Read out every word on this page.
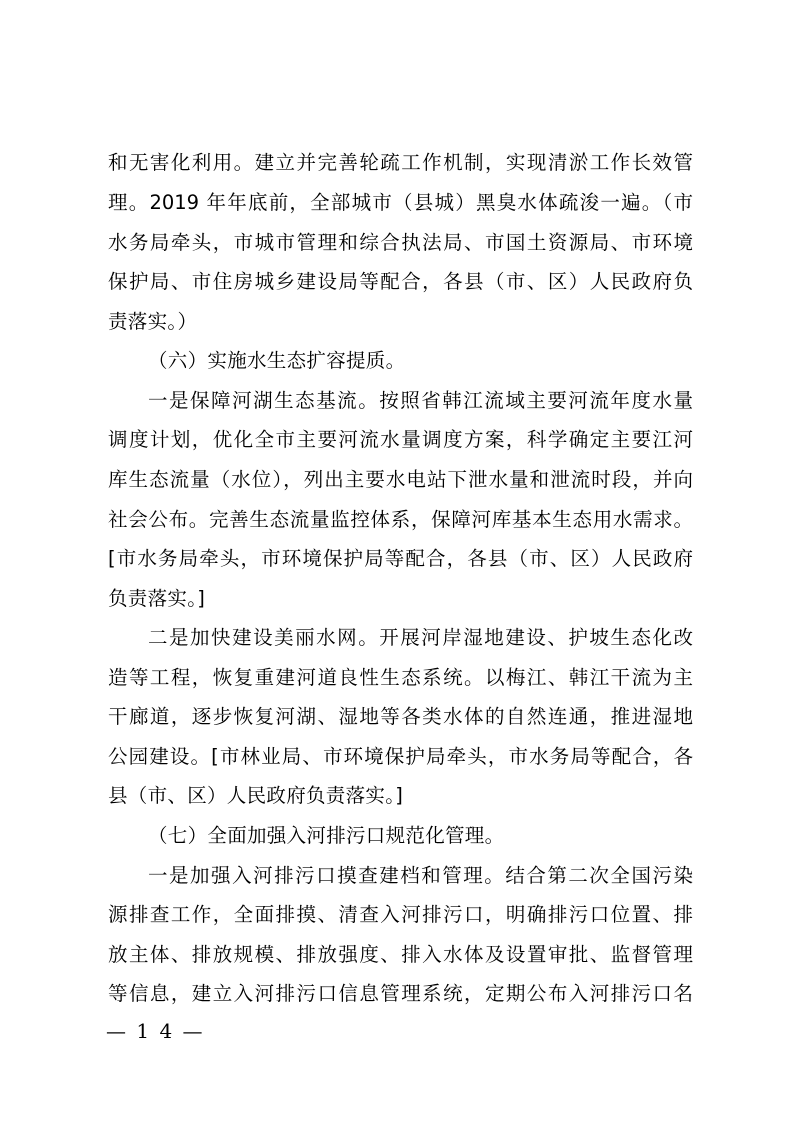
和无害化利用。建立并完善轮疏工作机制，实现清淤工作长效管
理。2019 年年底前，全部城市（县城）黑臭水体疏浚一遍。（市
水务局牵头，市城市管理和综合执法局、市国土资源局、市环境
保护局、市住房城乡建设局等配合，各县（市、区）人民政府负
责落实。）
（六）实施水生态扩容提质。
一是保障河湖生态基流。按照省韩江流域主要河流年度水量
调度计划，优化全市主要河流水量调度方案，科学确定主要江河
库生态流量（水位），列出主要水电站下泄水量和泄流时段，并向
社会公布。完善生态流量监控体系，保障河库基本生态用水需求。
[市水务局牵头，市环境保护局等配合，各县（市、区）人民政府
负责落实。]
二是加快建设美丽水网。开展河岸湿地建设、护坡生态化改
造等工程，恢复重建河道良性生态系统。以梅江、韩江干流为主
干廊道，逐步恢复河湖、湿地等各类水体的自然连通，推进湿地
公园建设。[市林业局、市环境保护局牵头，市水务局等配合，各
县（市、区）人民政府负责落实。]
（七）全面加强入河排污口规范化管理。
一是加强入河排污口摸查建档和管理。结合第二次全国污染
源排查工作，全面排摸、清查入河排污口，明确排污口位置、排
放主体、排放规模、排放强度、排入水体及设置审批、监督管理
等信息，建立入河排污口信息管理系统，定期公布入河排污口名
— 1 4 —
